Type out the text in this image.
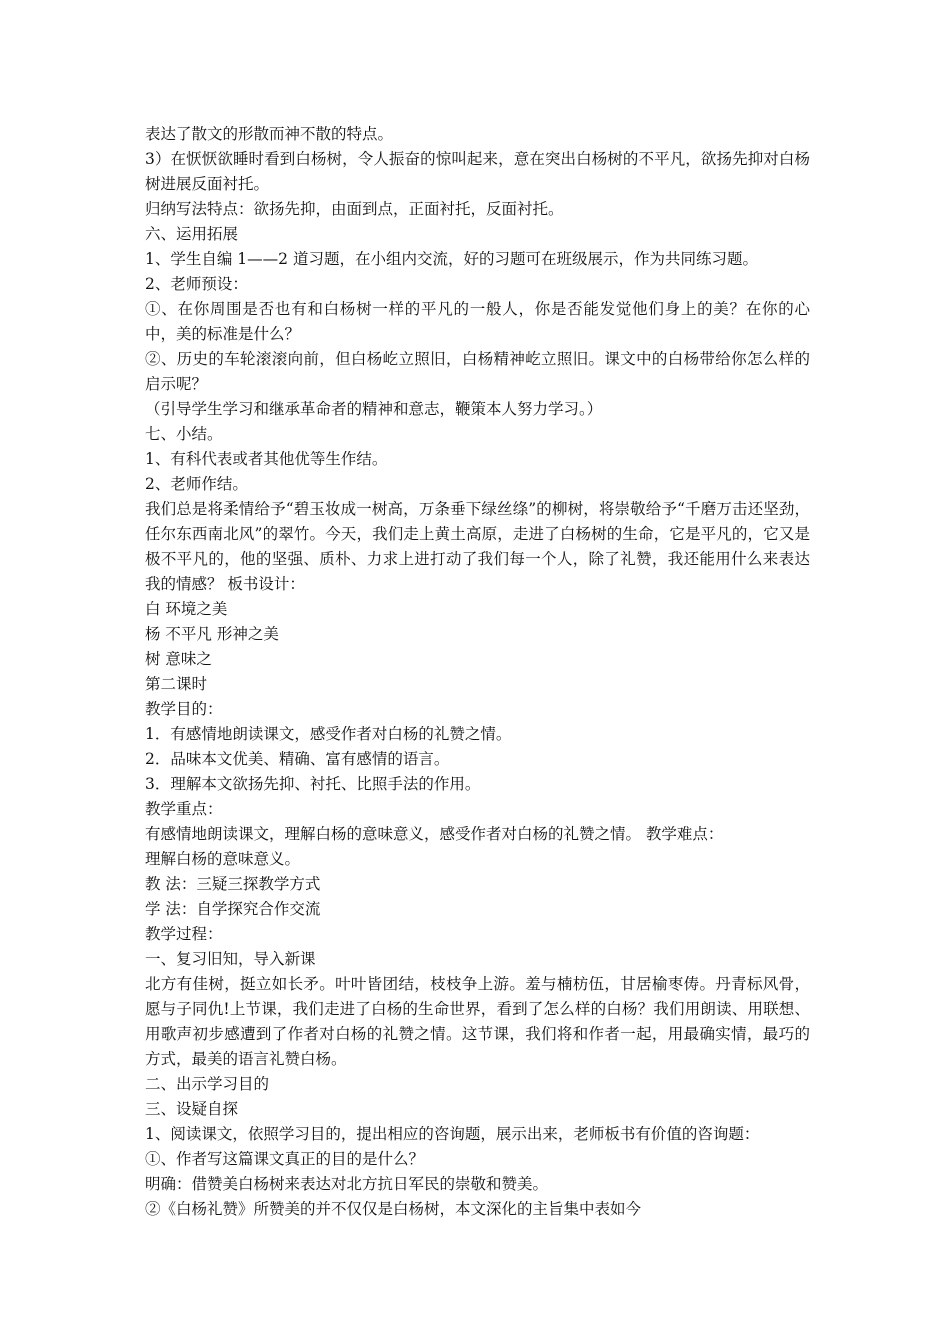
表达了散文的形散而神不散的特点。

3）在恹恹欲睡时看到白杨树，令人振奋的惊叫起来，意在突出白杨树的不平凡，欲扬先抑对白杨树进展反面衬托。

归纳写法特点：欲扬先抑，由面到点，正面衬托，反面衬托。

六、运用拓展

1、学生自编 1——2 道习题，在小组内交流，好的习题可在班级展示，作为共同练习题。

2、老师预设：

①、在你周围是否也有和白杨树一样的平凡的一般人，你是否能发觉他们身上的美？在你的心中，美的标准是什么？

②、历史的车轮滚滚向前，但白杨屹立照旧，白杨精神屹立照旧。课文中的白杨带给你怎么样的启示呢？

（引导学生学习和继承革命者的精神和意志，鞭策本人努力学习。）

七、小结。

1、有科代表或者其他优等生作结。

2、老师作结。

我们总是将柔情给予“碧玉妆成一树高，万条垂下绿丝绦”的柳树，将崇敬给予“千磨万击还坚劲，任尔东西南北风”的翠竹。今天，我们走上黄土高原，走进了白杨树的生命，它是平凡的，它又是极不平凡的，他的坚强、质朴、力求上进打动了我们每一个人，除了礼赞，我还能用什么来表达我的情感？ 板书设计：

白 环境之美

杨 不平凡 形神之美

树 意味之

第二课时

教学目的：

1．有感情地朗读课文，感受作者对白杨的礼赞之情。

2．品味本文优美、精确、富有感情的语言。

3．理解本文欲扬先抑、衬托、比照手法的作用。

教学重点：

有感情地朗读课文，理解白杨的意味意义，感受作者对白杨的礼赞之情。 教学难点：

理解白杨的意味意义。

教 法：三疑三探教学方式

学 法：自学探究合作交流

教学过程：

一、复习旧知，导入新课

北方有佳树，挺立如长矛。叶叶皆团结，枝枝争上游。羞与楠枋伍，甘居榆枣俦。丹青标风骨，愿与子同仇!上节课，我们走进了白杨的生命世界，看到了怎么样的白杨？我们用朗读、用联想、用歌声初步感遭到了作者对白杨的礼赞之情。这节课，我们将和作者一起，用最确实情，最巧的方式，最美的语言礼赞白杨。

二、出示学习目的

三、设疑自探

1、阅读课文，依照学习目的，提出相应的咨询题，展示出来，老师板书有价值的咨询题：

①、作者写这篇课文真正的目的是什么？

明确：借赞美白杨树来表达对北方抗日军民的崇敬和赞美。

②《白杨礼赞》所赞美的并不仅仅是白杨树，本文深化的主旨集中表如今
